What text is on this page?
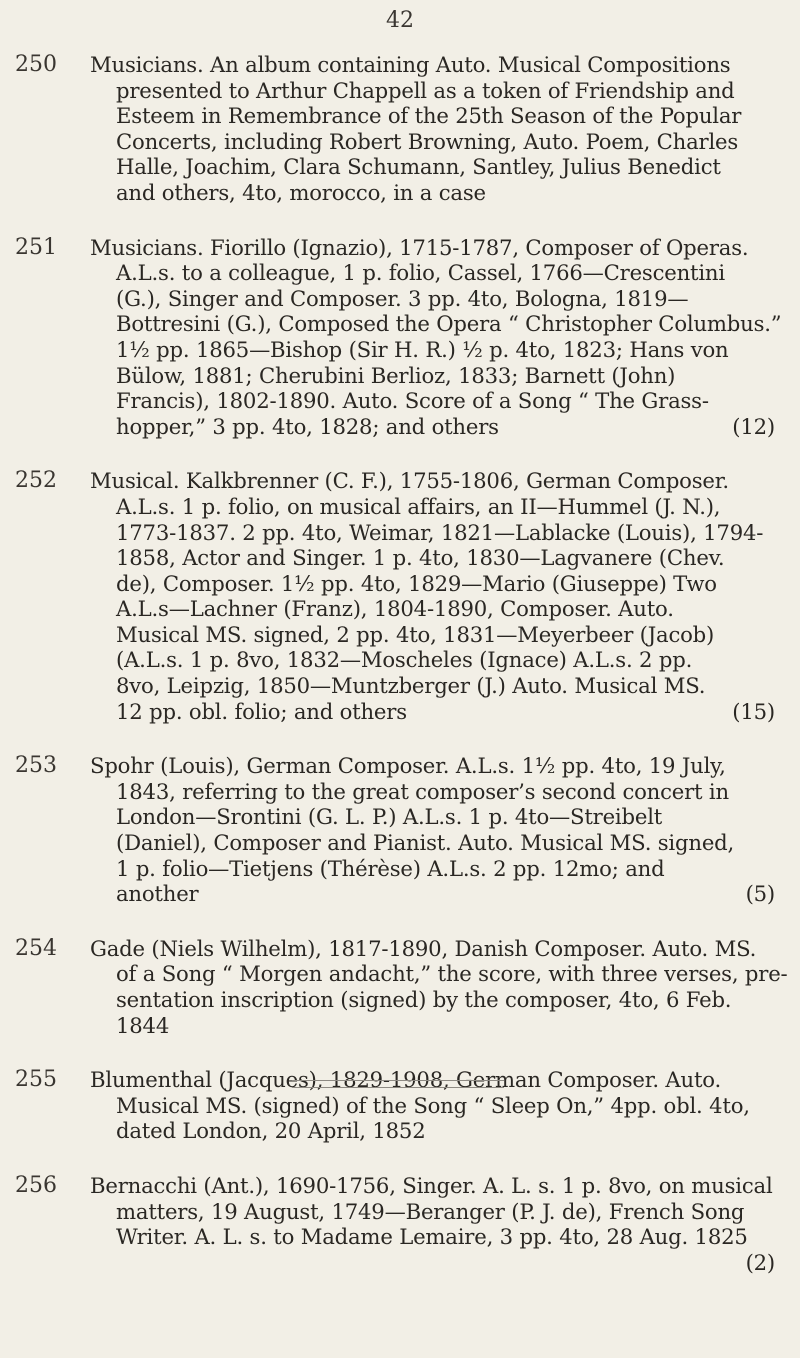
42
250	Musicians. An album containing Auto. Musical Compositions
presented to Arthur Chappell as a token of Friendship and
Esteem in Remembrance of the 25th Season of the Popular
Concerts, including Robert Browning, Auto. Poem, Charles
Halle, Joachim, Clara Schumann, Santley, Julius Benedict
and others, 4to, morocco, in a case
251	Musicians. Fiorillo (Ignazio), 1715-1787, Composer of Operas.
A.L.s. to a colleague, 1 p. folio, Cassel, 1766—Crescentini
(G.), Singer and Composer. 3 pp. 4to, Bologna, 1819—
Bottresini (G.), Composed the Opera “ Christopher Columbus.”
1½ pp. 1865—Bishop (Sir H. R.) ½ p. 4to, 1823; Hans von
Bülow, 1881; Cherubini Berlioz, 1833; Barnett (John)
Francis), 1802-1890. Auto. Score of a Song “ The Grass-
hopper,” 3 pp. 4to, 1828; and others	(12)
252	Musical. Kalkbrenner (C. F.), 1755-1806, German Composer.
A.L.s. 1 p. folio, on musical affairs, an II—Hummel (J. N.),
1773-1837. 2 pp. 4to, Weimar, 1821—Lablacke (Louis), 1794-
1858, Actor and Singer. 1 p. 4to, 1830—Lagvanere (Chev.
de), Composer. 1½ pp. 4to, 1829—Mario (Giuseppe) Two
A.L.s—Lachner (Franz), 1804-1890, Composer. Auto.
Musical MS. signed, 2 pp. 4to, 1831—Meyerbeer (Jacob)
(A.L.s. 1 p. 8vo, 1832—Moscheles (Ignace) A.L.s. 2 pp.
8vo, Leipzig, 1850—Muntzberger (J.) Auto. Musical MS.
12 pp. obl. folio; and others	(15)
253	Spohr (Louis), German Composer. A.L.s. 1½ pp. 4to, 19 July,
1843, referring to the great composer’s second concert in
London—Srontini (G. L. P.) A.L.s. 1 p. 4to—Streibelt
(Daniel), Composer and Pianist. Auto. Musical MS. signed,
1 p. folio—Tietjens (Thérèse) A.L.s. 2 pp. 12mo; and
another	(5)
254	Gade (Niels Wilhelm), 1817-1890, Danish Composer. Auto. MS.
of a Song “ Morgen andacht,” the score, with three verses, pre-
sentation inscription (signed) by the composer, 4to, 6 Feb.
1844
255	Blumenthal (Jacques), 1829-1908, German Composer. Auto.
Musical MS. (signed) of the Song “ Sleep On,” 4pp. obl. 4to,
dated London, 20 April, 1852
256	Bernacchi (Ant.), 1690-1756, Singer. A. L. s. 1 p. 8vo, on musical
matters, 19 August, 1749—Beranger (P. J. de), French Song
Writer. A. L. s. to Madame Lemaire, 3 pp. 4to, 28 Aug. 1825
(2)
